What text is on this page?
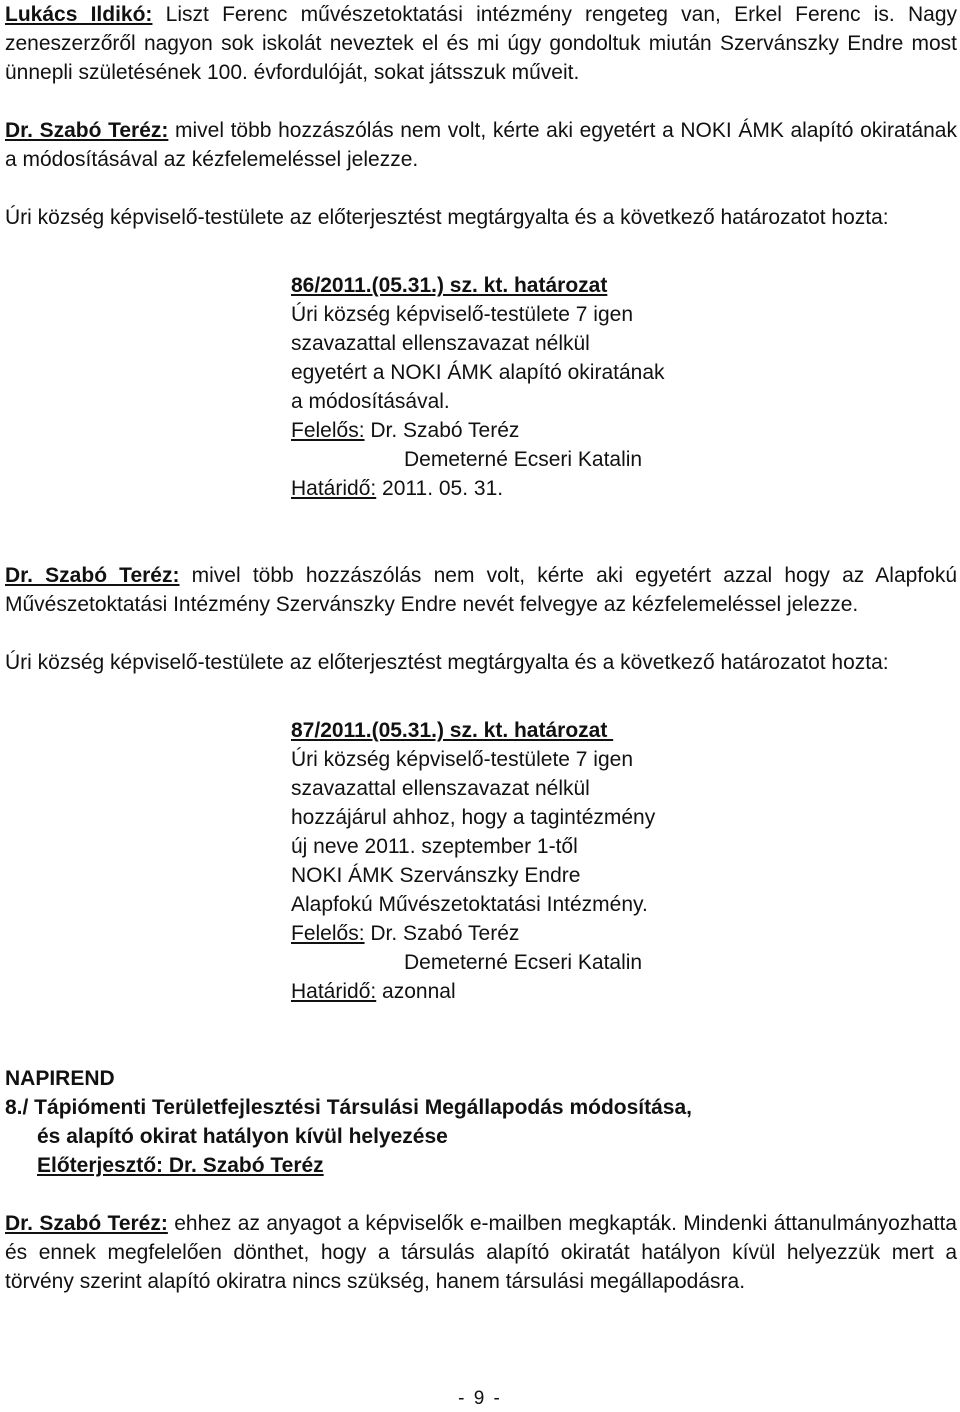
Lukács Ildikó: Liszt Ferenc művészetoktatási intézmény rengeteg van, Erkel Ferenc is. Nagy zeneszerzőről nagyon sok iskolát neveztek el és mi úgy gondoltuk miután Szervánszky Endre most ünnepli születésének 100. évfordulóját, sokat játsszuk műveit.

Dr. Szabó Teréz: mivel több hozzászólás nem volt, kérte aki egyetért a NOKI ÁMK alapító okiratának a módosításával az kézfelemeléssel jelezze.

Úri község képviselő-testülete az előterjesztést megtárgyalta és a következő határozatot hozta:

86/2011.(05.31.) sz. kt. határozat
Úri község képviselő-testülete 7 igen
szavazattal ellenszavazat nélkül
egyetért a NOKI ÁMK alapító okiratának
a módosításával.
Felelős: Dr. Szabó Teréz
Demeterné Ecseri Katalin
Határidő: 2011. 05. 31.

Dr. Szabó Teréz: mivel több hozzászólás nem volt, kérte aki egyetért azzal hogy az Alapfokú Művészetoktatási Intézmény Szervánszky Endre nevét felvegye az kézfelemeléssel jelezze.

Úri község képviselő-testülete az előterjesztést megtárgyalta és a következő határozatot hozta:

87/2011.(05.31.) sz. kt. határozat
Úri község képviselő-testülete 7 igen
szavazattal ellenszavazat nélkül
hozzájárul ahhoz, hogy a tagintézmény
új neve 2011. szeptember 1-től
NOKI ÁMK Szervánszky Endre
Alapfokú Művészetoktatási Intézmény.
Felelős: Dr. Szabó Teréz
Demeterné Ecseri Katalin
Határidő: azonnal
NAPIREND
8./ Tápiómenti Területfejlesztési Társulási Megállapodás módosítása,
és alapító okirat hatályon kívül helyezése
Előterjesztő: Dr. Szabó Teréz

Dr. Szabó Teréz: ehhez az anyagot a képviselők e-mailben megkapták. Mindenki áttanulmányozhatta és ennek megfelelően dönthet, hogy a társulás alapító okiratát hatályon kívül helyezzük mert a törvény szerint alapító okiratra nincs szükség, hanem társulási megállapodásra.

- 9 -
